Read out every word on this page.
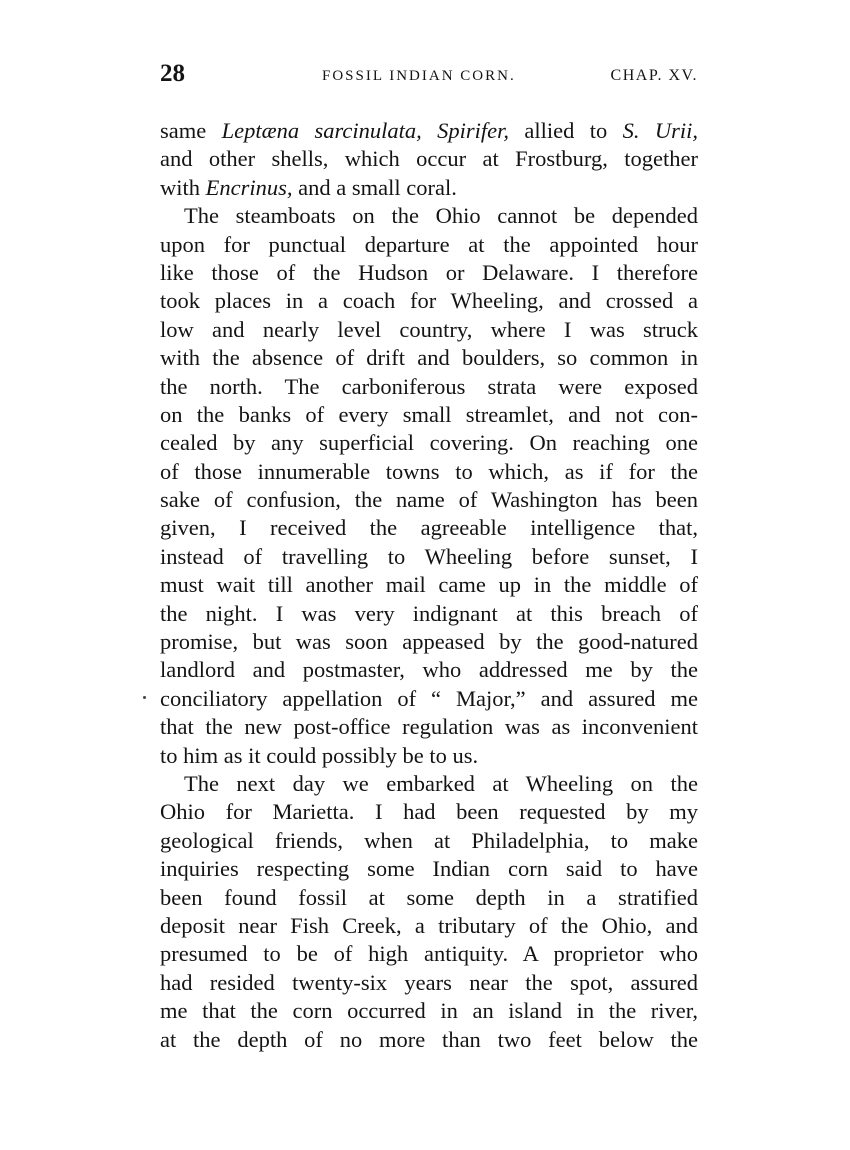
28	FOSSIL INDIAN CORN.	CHAP. XV.
same Leptæna sarcinulata, Spirifer, allied to S. Urii,
and other shells, which occur at Frostburg, together
with Encrinus, and a small coral.
The steamboats on the Ohio cannot be depended
upon for punctual departure at the appointed hour
like those of the Hudson or Delaware. I therefore
took places in a coach for Wheeling, and crossed a
low and nearly level country, where I was struck
with the absence of drift and boulders, so common in
the north. The carboniferous strata were exposed
on the banks of every small streamlet, and not con-
cealed by any superficial covering. On reaching one
of those innumerable towns to which, as if for the
sake of confusion, the name of Washington has been
given, I received the agreeable intelligence that,
instead of travelling to Wheeling before sunset, I
must wait till another mail came up in the middle of
the night. I was very indignant at this breach of
promise, but was soon appeased by the good-natured
landlord and postmaster, who addressed me by the
conciliatory appellation of “ Major,” and assured me
that the new post-office regulation was as inconvenient
to him as it could possibly be to us.
The next day we embarked at Wheeling on the
Ohio for Marietta. I had been requested by my
geological friends, when at Philadelphia, to make
inquiries respecting some Indian corn said to have
been found fossil at some depth in a stratified
deposit near Fish Creek, a tributary of the Ohio, and
presumed to be of high antiquity. A proprietor who
had resided twenty-six years near the spot, assured
me that the corn occurred in an island in the river,
at the depth of no more than two feet below the
